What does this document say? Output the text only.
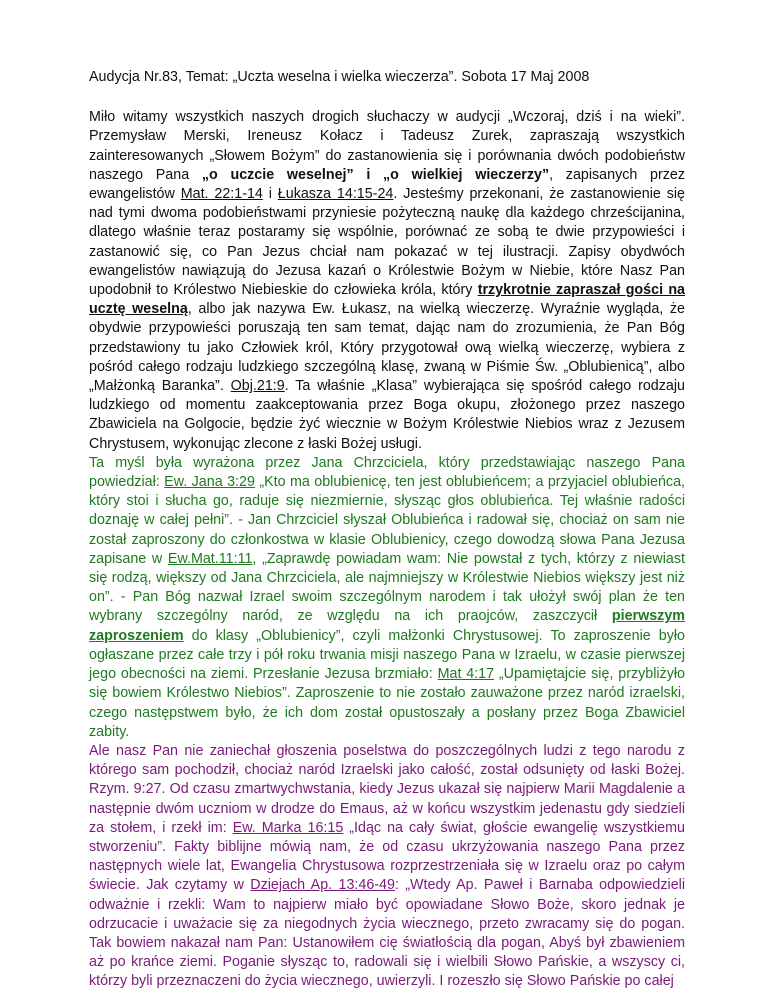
Audycja Nr.83, Temat: „Uczta weselna i wielka wieczerza”. Sobota 17 Maj 2008
Miło witamy wszystkich naszych drogich słuchaczy w audycji „Wczoraj, dziś i na wieki”. Przemysław Merski, Ireneusz Kołacz i Tadeusz Zurek, zapraszają wszystkich zainteresowanych „Słowem Bożym” do zastanowienia się i porównania dwóch podobieństw naszego Pana „o uczcie weselnej” i „o wielkiej wieczerzy”, zapisanych przez ewangelistów Mat. 22:1-14 i Łukasza 14:15-24. Jesteśmy przekonani, że zastanowienie się nad tymi dwoma podobieństwami przyniesie pożyteczną naukę dla każdego chrześcijanina, dlatego właśnie teraz postaramy się wspólnie, porównać ze sobą te dwie przypowieści i zastanowić się, co Pan Jezus chciał nam pokazać w tej ilustracji. Zapisy obydwóch ewangelistów nawiązują do Jezusa kazań o Królestwie Bożym w Niebie, które Nasz Pan upodobnił to Królestwo Niebieskie do człowieka króla, który trzykrotnie zapraszał gości na ucztę weselną, albo jak nazywa Ew. Łukasz, na wielką wieczerzę. Wyraźnie wygląda, że obydwie przypowieści poruszają ten sam temat, dając nam do zrozumienia, że Pan Bóg przedstawiony tu jako Człowiek król, Który przygotował ową wielką wieczerzę, wybiera z pośród całego rodzaju ludzkiego szczególną klasę, zwaną w Piśmie Św. „Oblubienicą”, albo „Małżonką Baranka”. Obj.21:9. Ta właśnie „Klasa” wybierająca się spośród całego rodzaju ludzkiego od momentu zaakceptowania przez Boga okupu, złożonego przez naszego Zbawiciela na Golgocie, będzie żyć wiecznie w Bożym Królestwie Niebios wraz z Jezusem Chrystusem, wykonując zlecone z łaski Bożej usługi.
Ta myśl była wyrażona przez Jana Chrzciciela, który przedstawiając naszego Pana powiedział: Ew. Jana 3:29 „Kto ma oblubienicę, ten jest oblubieńcem; a przyjaciel oblubieńca, który stoi i słucha go, raduje się niezmiernie, słysząc głos oblubieńca. Tej właśnie radości doznaję w całej pełni”. - Jan Chrzciciel słyszał Oblubieńca i radował się, chociaż on sam nie został zaproszony do członkostwa w klasie Oblubienicy, czego dowodzą słowa Pana Jezusa zapisane w Ew.Mat.11:11, „Zaprawdę powiadam wam: Nie powstał z tych, którzy z niewiast się rodzą, większy od Jana Chrzciciela, ale najmniejszy w Królestwie Niebios większy jest niż on”. - Pan Bóg nazwał Izrael swoim szczególnym narodem i tak ułożył swój plan że ten wybrany szczególny naród, ze względu na ich praojców, zaszczycił pierwszym zaproszeniem do klasy „Oblubienicy”, czyli małżonki Chrystusowej. To zaproszenie było ogłaszane przez całe trzy i pół roku trwania misji naszego Pana w Izraelu, w czasie pierwszej jego obecności na ziemi. Przesłanie Jezusa brzmiało: Mat 4:17 „Upamiętajcie się, przybliżyło się bowiem Królestwo Niebios”. Zaproszenie to nie zostało zauważone przez naród izraelski, czego następstwem było, że ich dom został opustoszały a posłany przez Boga Zbawiciel zabity.
Ale nasz Pan nie zaniechał głoszenia poselstwa do poszczególnych ludzi z tego narodu z którego sam pochodził, chociaż naród Izraelski jako całość, został odsunięty od łaski Bożej. Rzym. 9:27. Od czasu zmartwychwstania, kiedy Jezus ukazał się najpierw Marii Magdalenie a następnie dwóm uczniom w drodze do Emaus, aż w końcu wszystkim jedenastu gdy siedzieli za stołem, i rzekł im: Ew. Marka 16:15 „Idąc na cały świat, głoście ewangelię wszystkiemu stworzeniu”. Fakty biblijne mówią nam, że od czasu ukrzyżowania naszego Pana przez następnych wiele lat, Ewangelia Chrystusowa rozprzestrzeniała się w Izraelu oraz po całym świecie. Jak czytamy w Dziejach Ap. 13:46-49: „Wtedy Ap. Paweł i Barnaba odpowiedzieli odważnie i rzekli: Wam to najpierw miało być opowiadane Słowo Boże, skoro jednak je odrzucacie i uważacie się za niegodnych życia wiecznego, przeto zwracamy się do pogan. Tak bowiem nakazał nam Pan: Ustanowiłem cię światłością dla pogan, Abyś był zbawieniem aż po krańce ziemi. Poganie słysząc to, radowali się i wielbili Słowo Pańskie, a wszyscy ci, którzy byli przeznaczeni do życia wiecznego, uwierzyli. I rozeszło się Słowo Pańskie po całej
